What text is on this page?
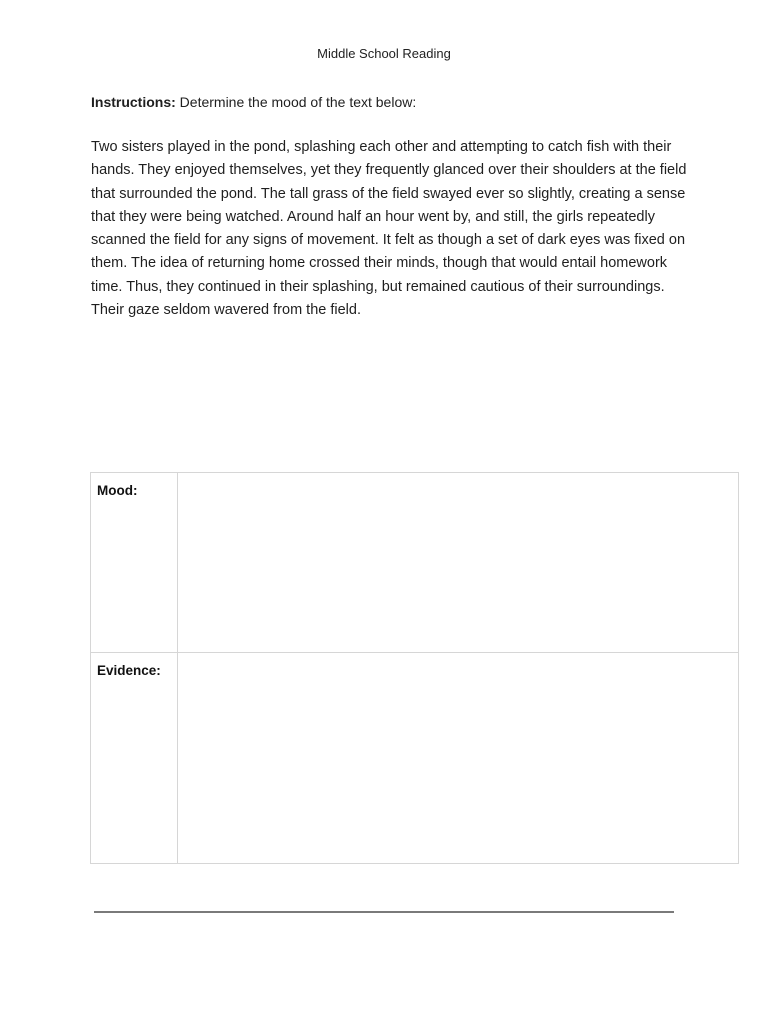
Middle School Reading
Instructions: Determine the mood of the text below:

Two sisters played in the pond, splashing each other and attempting to catch fish with their hands. They enjoyed themselves, yet they frequently glanced over their shoulders at the field that surrounded the pond. The tall grass of the field swayed ever so slightly, creating a sense that they were being watched. Around half an hour went by, and still, the girls repeatedly scanned the field for any signs of movement. It felt as though a set of dark eyes was fixed on them. The idea of returning home crossed their minds, though that would entail homework time. Thus, they continued in their splashing, but remained cautious of their surroundings. Their gaze seldom wavered from the field.

Mood:	
Evidence:	
